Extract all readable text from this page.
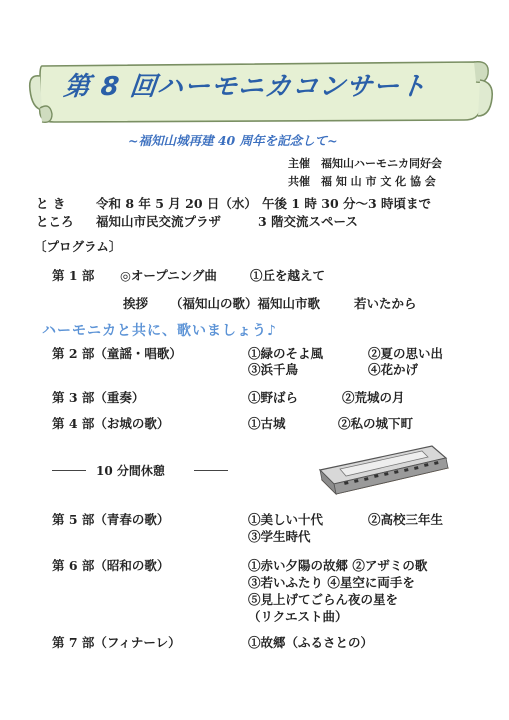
第 8 回ハーモニカコンサート
~福知山城再建 40 周年を記念して~
主催 福知山ハーモニカ同好会
共催 福 知 山 市 文 化 協 会
と き 令和 8 年 5 月 20 日（水） 午後 1 時 30 分～3 時頃まで
ところ 福知山市民交流プラザ	3 階交流スペース
〔プログラム〕
第 1 部 ◎オープニング曲	①丘を越えて
挨拶 （福知山の歌）福知山市歌	若いたから
ハーモニカと共に、歌いましょう♪
第 2 部（童謡・唱歌）	①緑のそよ風	②夏の思い出
③浜千鳥	④花かげ
第 3 部（重奏）	①野ばら	②荒城の月
第 4 部（お城の歌）	①古城	②私の城下町
10 分間休憩
第 5 部（青春の歌）	①美しい十代	②高校三年生
③学生時代
第 6 部（昭和の歌）	①赤い夕陽の故郷 ②アザミの歌
③若いふたり ④星空に両手を
⑤見上げてごらん夜の星を
（リクエスト曲）
第 7 部（フィナーレ）	①故郷（ふるさとの）
